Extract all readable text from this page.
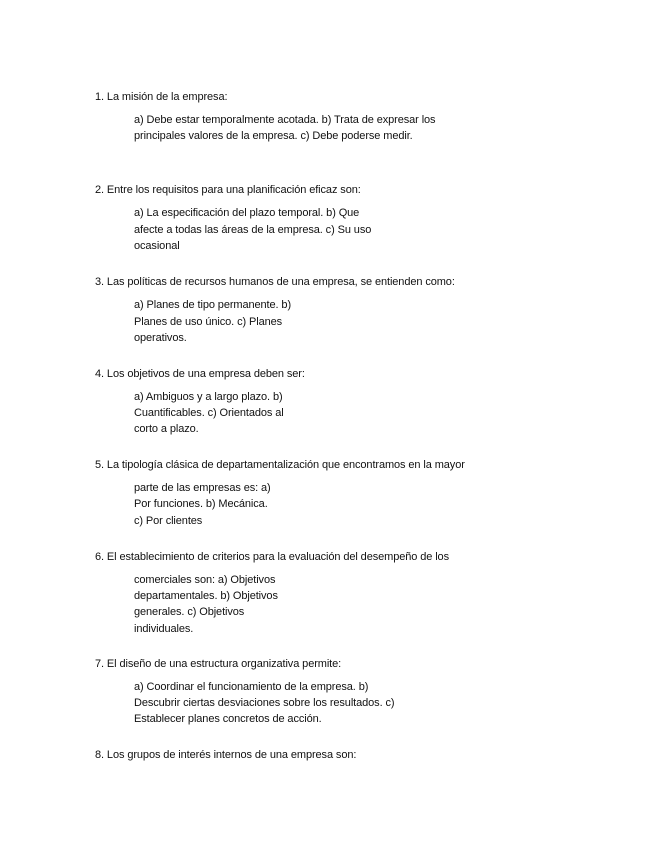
1. La misión de la empresa:
a) Debe estar temporalmente acotada. b) Trata de expresar los
principales valores de la empresa. c) Debe poderse medir.
2. Entre los requisitos para una planificación eficaz son:
a) La especificación del plazo temporal. b) Que
afecte a todas las áreas de la empresa. c) Su uso
ocasional
3. Las políticas de recursos humanos de una empresa, se entienden como:
a) Planes de tipo permanente. b)
Planes de uso único. c) Planes
operativos.
4. Los objetivos de una empresa deben ser:
a) Ambiguos y a largo plazo. b)
Cuantificables. c) Orientados al
corto a plazo.
5. La tipología clásica de departamentalización que encontramos en la mayor
parte de las empresas es: a)
Por funciones. b) Mecánica.
c) Por clientes
6. El establecimiento de criterios para la evaluación del desempeño de los
comerciales son: a) Objetivos
departamentales. b) Objetivos
generales. c) Objetivos
individuales.
7. El diseño de una estructura organizativa permite:
a) Coordinar el funcionamiento de la empresa. b)
Descubrir ciertas desviaciones sobre los resultados. c)
Establecer planes concretos de acción.
8. Los grupos de interés internos de una empresa son:
